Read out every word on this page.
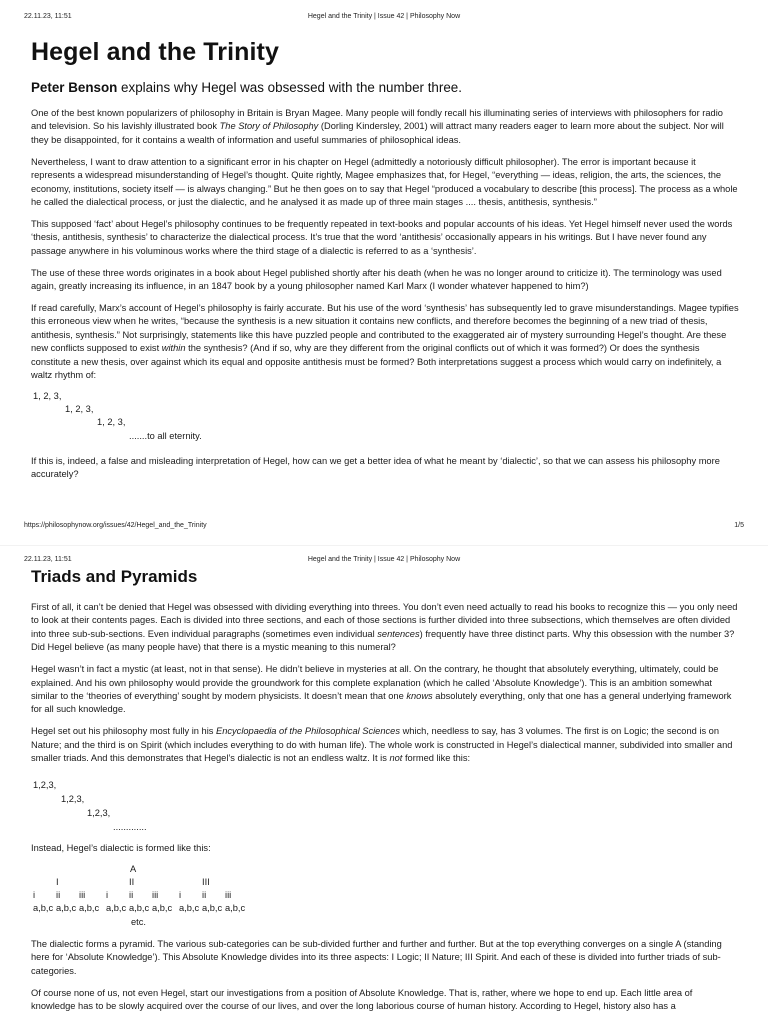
22.11.23, 11:51	Hegel and the Trinity | Issue 42 | Philosophy Now
Hegel and the Trinity
Peter Benson explains why Hegel was obsessed with the number three.

One of the best known popularizers of philosophy in Britain is Bryan Magee. Many people will fondly recall his illuminating series of interviews with philosophers for radio and television. So his lavishly illustrated book The Story of Philosophy (Dorling Kindersley, 2001) will attract many readers eager to learn more about the subject. Nor will they be disappointed, for it contains a wealth of information and useful summaries of philosophical ideas.

Nevertheless, I want to draw attention to a significant error in his chapter on Hegel (admittedly a notoriously difficult philosopher). The error is important because it represents a widespread misunderstanding of Hegel’s thought. Quite rightly, Magee emphasizes that, for Hegel, “everything — ideas, religion, the arts, the sciences, the economy, institutions, society itself — is always changing.” But he then goes on to say that Hegel “produced a vocabulary to describe [this process]. The process as a whole he called the dialectical process, or just the dialectic, and he analysed it as made up of three main stages .... thesis, antithesis, synthesis.”

This supposed ‘fact’ about Hegel’s philosophy continues to be frequently repeated in text-books and popular accounts of his ideas. Yet Hegel himself never used the words ‘thesis, antithesis, synthesis’ to characterize the dialectical process. It’s true that the word ‘antithesis’ occasionally appears in his writings. But I have never found any passage anywhere in his voluminous works where the third stage of a dialectic is referred to as a ‘synthesis’.

The use of these three words originates in a book about Hegel published shortly after his death (when he was no longer around to criticize it). The terminology was used again, greatly increasing its influence, in an 1847 book by a young philosopher named Karl Marx (I wonder whatever happened to him?)

If read carefully, Marx’s account of Hegel’s philosophy is fairly accurate. But his use of the word ‘synthesis’ has subsequently led to grave misunderstandings. Magee typifies this erroneous view when he writes, “because the synthesis is a new situation it contains new conflicts, and therefore becomes the beginning of a new triad of thesis, antithesis, synthesis.” Not surprisingly, statements like this have puzzled people and contributed to the exaggerated air of mystery surrounding Hegel’s thought. Are these new conflicts supposed to exist within the synthesis? (And if so, why are they different from the original conflicts out of which it was formed?) Or does the synthesis constitute a new thesis, over against which its equal and opposite antithesis must be formed? Both interpretations suggest a process which would carry on indefinitely, a waltz rhythm of:

1, 2, 3,
1, 2, 3,
1, 2, 3,
.......to all eternity.

If this is, indeed, a false and misleading interpretation of Hegel, how can we get a better idea of what he meant by ‘dialectic’, so that we can assess his philosophy more accurately?

https://philosophynow.org/issues/42/Hegel_and_the_Trinity	1/5
22.11.23, 11:51	Hegel and the Trinity | Issue 42 | Philosophy Now
Triads and Pyramids

First of all, it can’t be denied that Hegel was obsessed with dividing everything into threes. You don’t even need actually to read his books to recognize this — you only need to look at their contents pages. Each is divided into three sections, and each of those sections is further divided into three subsections, which themselves are often divided into three sub-sub-sections. Even individual paragraphs (sometimes even individual sentences) frequently have three distinct parts. Why this obsession with the number 3? Did Hegel believe (as many people have) that there is a mystic meaning to this numeral?

Hegel wasn’t in fact a mystic (at least, not in that sense). He didn’t believe in mysteries at all. On the contrary, he thought that absolutely everything, ultimately, could be explained. And his own philosophy would provide the groundwork for this complete explanation (which he called ‘Absolute Knowledge’). This is an ambition somewhat similar to the ‘theories of everything’ sought by modern physicists. It doesn’t mean that one knows absolutely everything, only that one has a general underlying framework for all such knowledge.

Hegel set out his philosophy most fully in his Encyclopaedia of the Philosophical Sciences which, needless to say, has 3 volumes. The first is on Logic; the second is on Nature; and the third is on Spirit (which includes everything to do with human life). The whole work is constructed in Hegel’s dialectical manner, subdivided into smaller and smaller triads. And this demonstrates that Hegel’s dialectic is not an endless waltz. It is not formed like this:

1,2,3,
1,2,3,
1,2,3,
.............

Instead, Hegel’s dialectic is formed like this:

A
I	II	III
i ii iii i ii iii i ii iii
a,b,c a,b,c a,b,c a,b,c a,b,c a,b,c a,b,c a,b,c a,b,c
etc.

The dialectic forms a pyramid. The various sub-categories can be sub-divided further and further and further. But at the top everything converges on a single A (standing here for ‘Absolute Knowledge’). This Absolute Knowledge divides into its three aspects: I Logic; II Nature; III Spirit. And each of these is divided into further triads of sub-categories.

Of course none of us, not even Hegel, start our investigations from a position of Absolute Knowledge. That is, rather, where we hope to end up. Each little area of knowledge has to be slowly acquired over the course of our lives, and over the long laborious course of human history. According to Hegel, history also has a
